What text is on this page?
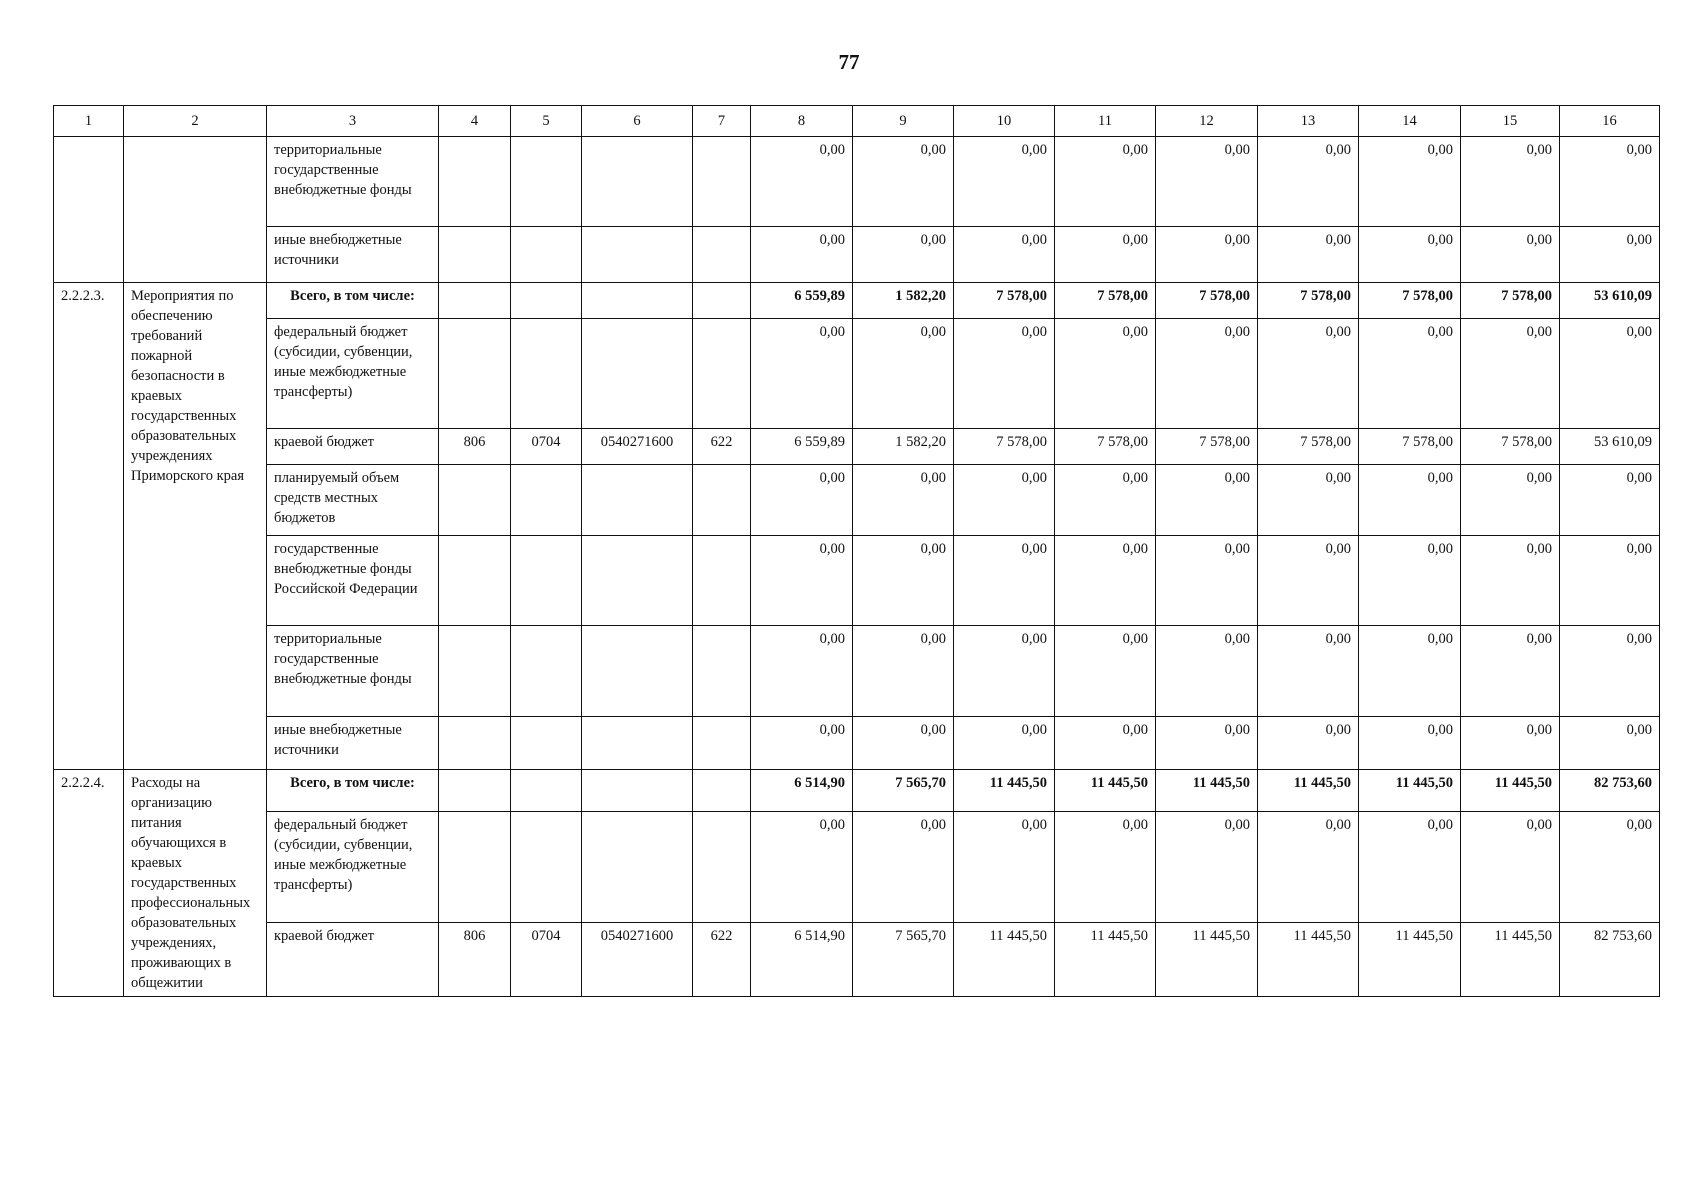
77
1	2	3	4	5	6	7	8	9	10	11	12	13	14	15	16
		территориальные государственные внебюджетные фонды					0,00	0,00	0,00	0,00	0,00	0,00	0,00	0,00	0,00
		иные внебюджетные источники					0,00	0,00	0,00	0,00	0,00	0,00	0,00	0,00	0,00
2.2.2.3.	Мероприятия по обеспечению требований пожарной безопасности в краевых государственных образовательных учреждениях Приморского края	Всего, в том числе:					6 559,89	1 582,20	7 578,00	7 578,00	7 578,00	7 578,00	7 578,00	7 578,00	53 610,09
		федеральный бюджет (субсидии, субвенции, иные межбюджетные трансферты)					0,00	0,00	0,00	0,00	0,00	0,00	0,00	0,00	0,00
		краевой бюджет	806	0704	0540271600	622	6 559,89	1 582,20	7 578,00	7 578,00	7 578,00	7 578,00	7 578,00	7 578,00	53 610,09
		планируемый объем средств местных бюджетов					0,00	0,00	0,00	0,00	0,00	0,00	0,00	0,00	0,00
		государственные внебюджетные фонды Российской Федерации					0,00	0,00	0,00	0,00	0,00	0,00	0,00	0,00	0,00
		территориальные государственные внебюджетные фонды					0,00	0,00	0,00	0,00	0,00	0,00	0,00	0,00	0,00
		иные внебюджетные источники					0,00	0,00	0,00	0,00	0,00	0,00	0,00	0,00	0,00
2.2.2.4.	Расходы на организацию питания обучающихся в краевых государственных профессиональных образовательных учреждениях, проживающих в общежитии	Всего, в том числе:					6 514,90	7 565,70	11 445,50	11 445,50	11 445,50	11 445,50	11 445,50	11 445,50	82 753,60
		федеральный бюджет (субсидии, субвенции, иные межбюджетные трансферты)					0,00	0,00	0,00	0,00	0,00	0,00	0,00	0,00	0,00
		краевой бюджет	806	0704	0540271600	622	6 514,90	7 565,70	11 445,50	11 445,50	11 445,50	11 445,50	11 445,50	11 445,50	82 753,60
